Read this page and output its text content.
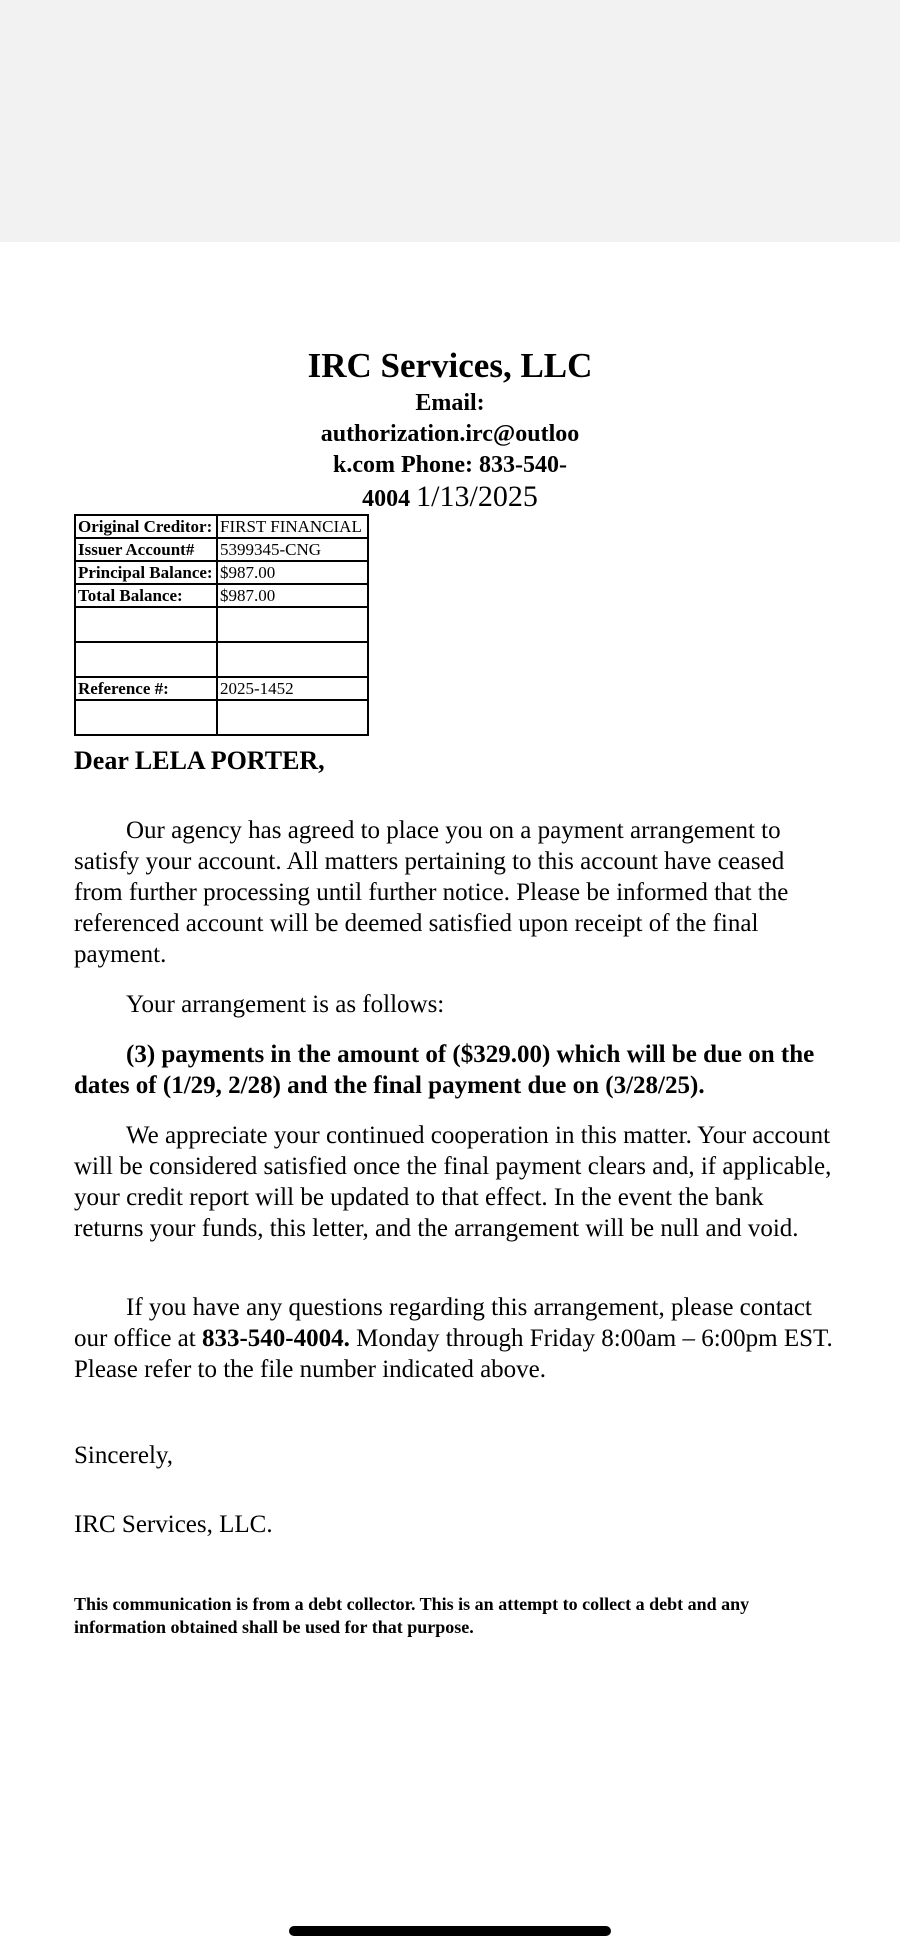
IRC Services, LLC
Email:
authorization.irc@outlook.com Phone: 833-540-4004 1/13/2025
Original Creditor:	FIRST FINANCIAL
Issuer Account#	5399345-CNG
Principal Balance:	$987.00
Total Balance:	$987.00

Reference #:	2025-1452

Dear LELA PORTER,

Our agency has agreed to place you on a payment arrangement to satisfy your account. All matters pertaining to this account have ceased from further processing until further notice. Please be informed that the referenced account will be deemed satisfied upon receipt of the final payment.

Your arrangement is as follows:

(3) payments in the amount of ($329.00) which will be due on the dates of (1/29, 2/28) and the final payment due on (3/28/25).

We appreciate your continued cooperation in this matter. Your account will be considered satisfied once the final payment clears and, if applicable, your credit report will be updated to that effect. In the event the bank returns your funds, this letter, and the arrangement will be null and void.

If you have any questions regarding this arrangement, please contact our office at 833-540-4004. Monday through Friday 8:00am – 6:00pm EST. Please refer to the file number indicated above.

Sincerely,
IRC Services, LLC.

This communication is from a debt collector. This is an attempt to collect a debt and any information obtained shall be used for that purpose.
